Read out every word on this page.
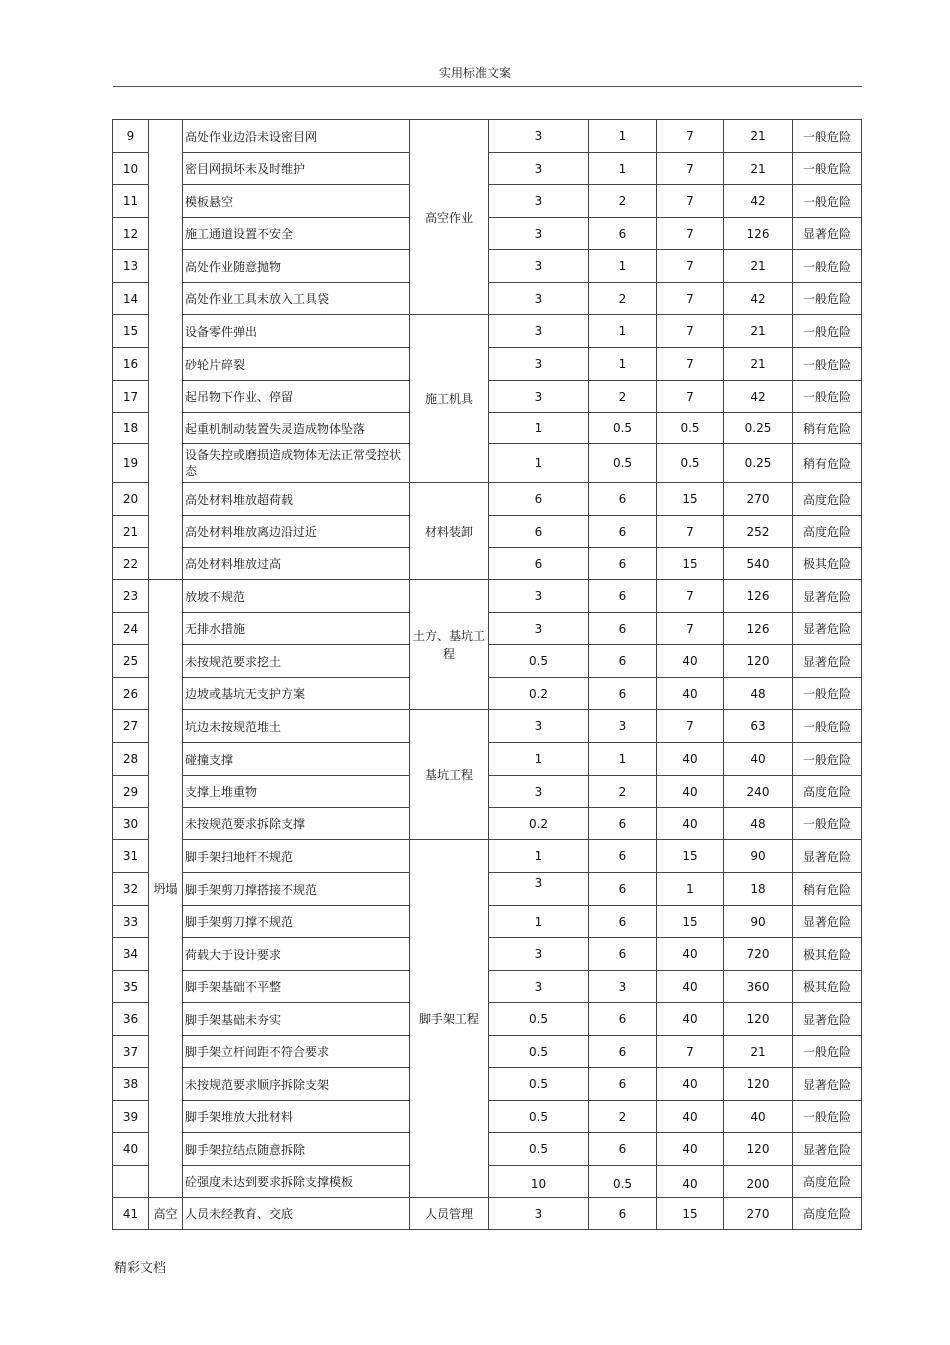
实用标准文案
9		高处作业边沿未设密目网	高空作业	3	1	7	21	一般危险
10		密目网损坏未及时维护		3	1	7	21	一般危险
11		模板悬空		3	2	7	42	一般危险
12		施工通道设置不安全		3	6	7	126	显著危险
13		高处作业随意抛物		3	1	7	21	一般危险
14		高处作业工具未放入工具袋		3	2	7	42	一般危险
15		设备零件弹出	施工机具	3	1	7	21	一般危险
16		砂轮片碎裂		3	1	7	21	一般危险
17		起吊物下作业、停留		3	2	7	42	一般危险
18		起重机制动装置失灵造成物体坠落		1	0.5	0.5	0.25	稍有危险
19		设备失控或磨损造成物体无法正常受控状态		1	0.5	0.5	0.25	稍有危险
20		高处材料堆放超荷载	材料装卸	6	6	15	270	高度危险
21		高处材料堆放离边沿过近		6	6	7	252	高度危险
22		高处材料堆放过高		6	6	15	540	极其危险
23	坍塌	放坡不规范	土方、基坑工程	3	6	7	126	显著危险
24		无排水措施		3	6	7	126	显著危险
25		未按规范要求挖土		0.5	6	40	120	显著危险
26		边坡或基坑无支护方案		0.2	6	40	48	一般危险
27		坑边未按规范堆土	基坑工程	3	3	7	63	一般危险
28		碰撞支撑		1	1	40	40	一般危险
29		支撑上堆重物		3	2	40	240	高度危险
30		未按规范要求拆除支撑		0.2	6	40	48	一般危险
31		脚手架扫地杆不规范	脚手架工程	1	6	15	90	显著危险
32		脚手架剪刀撑搭接不规范		3	6	1	18	稍有危险
33		脚手架剪刀撑不规范		1	6	15	90	显著危险
34		荷载大于设计要求		3	6	40	720	极其危险
35		脚手架基础不平整		3	3	40	360	极其危险
36		脚手架基础未夯实		0.5	6	40	120	显著危险
37		脚手架立杆间距不符合要求		0.5	6	7	21	一般危险
38		未按规范要求顺序拆除支架		0.5	6	40	120	显著危险
39		脚手架堆放大批材料		0.5	2	40	40	一般危险
40		脚手架拉结点随意拆除		0.5	6	40	120	显著危险
		砼强度未达到要求拆除支撑模板		10	0.5	40	200	高度危险
41	高空	人员未经教育、交底	人员管理	3	6	15	270	高度危险
精彩文档
